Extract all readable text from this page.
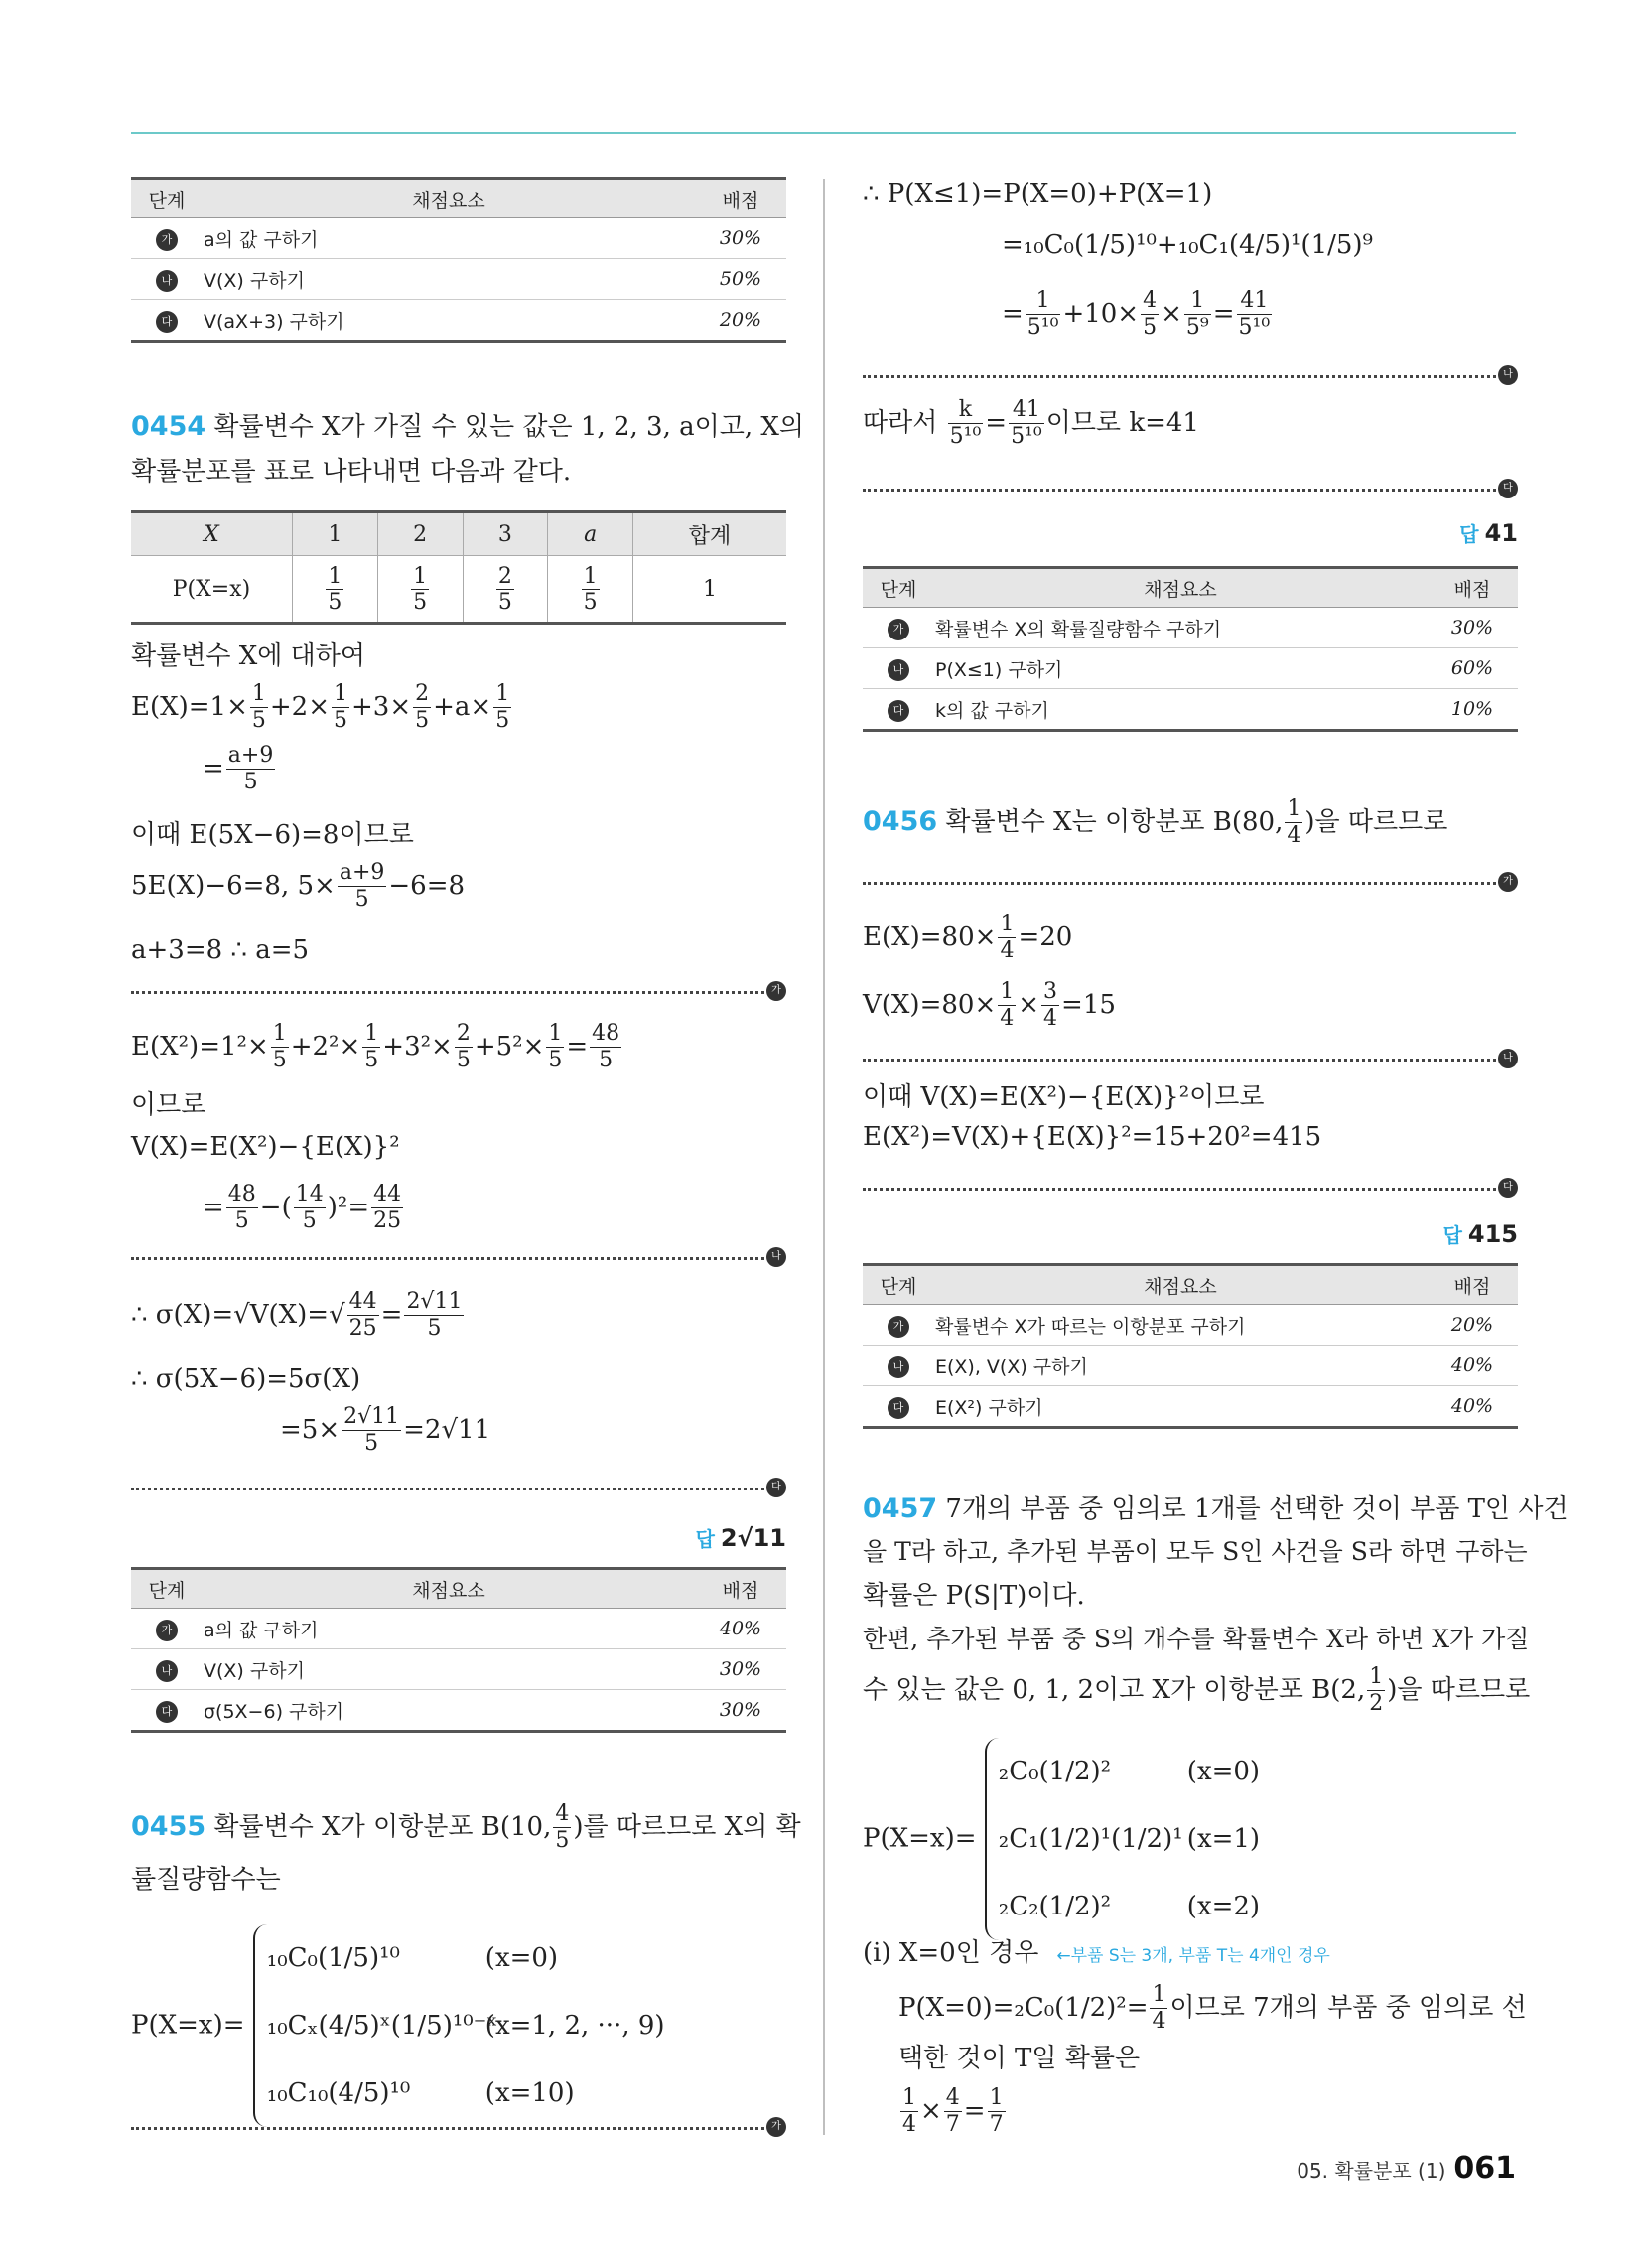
단계	채점요소	배점
가	a의 값 구하기	30%
나	V(X) 구하기	50%
다	V(aX+3) 구하기	20%
0454 확률변수 X가 가질 수 있는 값은 1, 2, 3, a이고, X의
확률분포를 표로 나타내면 다음과 같다.
X	1	2	3	a	합계
P(X=x)	$\frac{1}{5}$	$\frac{1}{5}$	$\frac{2}{5}$	$\frac{1}{5}$	1
확률변수 X에 대하여
$E(X)=1\times \frac{1}{5} +2\times \frac{1}{5} +3\times \frac{2}{5} +a\times \frac{1}{5}$
= $\frac{a+9}{5}$
이때 E(5X−6)=8이므로
5E(X)−6=8, $5\times \frac{a+9}{5} -6=8$
a+3=8 ∴ a=5
가
$E(X^2)=1^2\times \frac{1}{5} +2^2\times \frac{1}{5} +3^2\times \frac{2}{5} +5^2\times \frac{1}{5} = \frac{48}{5}$
이므로
V(X)=E(X²)−{E(X)}²
= $\frac{48}{5}$ −( $\frac{14}{5} )^2= \frac{44}{25}$
나
∴ $\sigma(X)=√V(X)=√ \frac{44}{25} = \frac{2√11}{5}$
∴ σ(5X−6)=5σ(X)
$=5\times \frac{2√11}{5} =2√11$
다
답 2√11
단계	채점요소	배점
가	a의 값 구하기	40%
나	V(X) 구하기	30%
다	σ(5X−6) 구하기	30%
0455 확률변수 X가 이항분포 B(10, $\frac{4}{5}$ )를 따르므로 X의 확
률질량함수는
P(X=x)=
₁₀C₀(1/5)¹⁰	(x=0)
₁₀Cₓ(4/5)ˣ(1/5)¹⁰⁻ˣ(x=1, 2, ···, 9)
₁₀C₁₀(4/5)¹⁰	(x=10)
가
∴ P(X≤1)=P(X=0)+P(X=1)
=₁₀C₀(1/5)¹⁰+₁₀C₁(4/5)¹(1/5)⁹
= $\frac{1}{\text{5¹⁰}} +10\times \frac{4}{5} \times \frac{1}{\text{5⁹}} = \frac{41}{\text{5¹⁰}}$
나
따라서 $\frac{k}{\text{5¹⁰}} = \frac{41}{\text{5¹⁰}}$ 이므로 k=41
다
답 41
단계	채점요소	배점
가	확률변수 X의 확률질량함수 구하기	30%
나	P(X≤1) 구하기	60%
다	k의 값 구하기	10%
0456 확률변수 X는 이항분포 B(80, $\frac{1}{4}$ )을 따르므로
가
$E(X)=80\times \frac{1}{4} =20$
$V(X)=80\times \frac{1}{4} \times \frac{3}{4} =15$
나
이때 V(X)=E(X²)−{E(X)}²이므로
E(X²)=V(X)+{E(X)}²=15+20²=415
다
답 415
단계	채점요소	배점
가	확률변수 X가 따르는 이항분포 구하기	20%
나	E(X), V(X) 구하기	40%
다	E(X²) 구하기	40%
0457 7개의 부품 중 임의로 1개를 선택한 것이 부품 T인 사건
을 T라 하고, 추가된 부품이 모두 S인 사건을 S라 하면 구하는
확률은 P(S|T)이다.
한편, 추가된 부품 중 S의 개수를 확률변수 X라 하면 X가 가질
수 있는 값은 0, 1, 2이고 X가 이항분포 B(2, $\frac{1}{2}$ )을 따르므로
P(X=x)=
₂C₀(1/2)²	(x=0)
₂C₁(1/2)¹(1/2)¹ (x=1)
₂C₂(1/2)²	(x=2)
(i) X=0인 경우 ←부품 S는 3개, 부품 T는 4개인 경우
$P(X=0)=_2C_0(1/2)^2= \frac{1}{4}$ 이므로 7개의 부품 중 임의로 선
택한 것이 T일 확률은
$\frac{1}{4} \times \frac{4}{7} = \frac{1}{7}$
05. 확률분포 (1) 061
